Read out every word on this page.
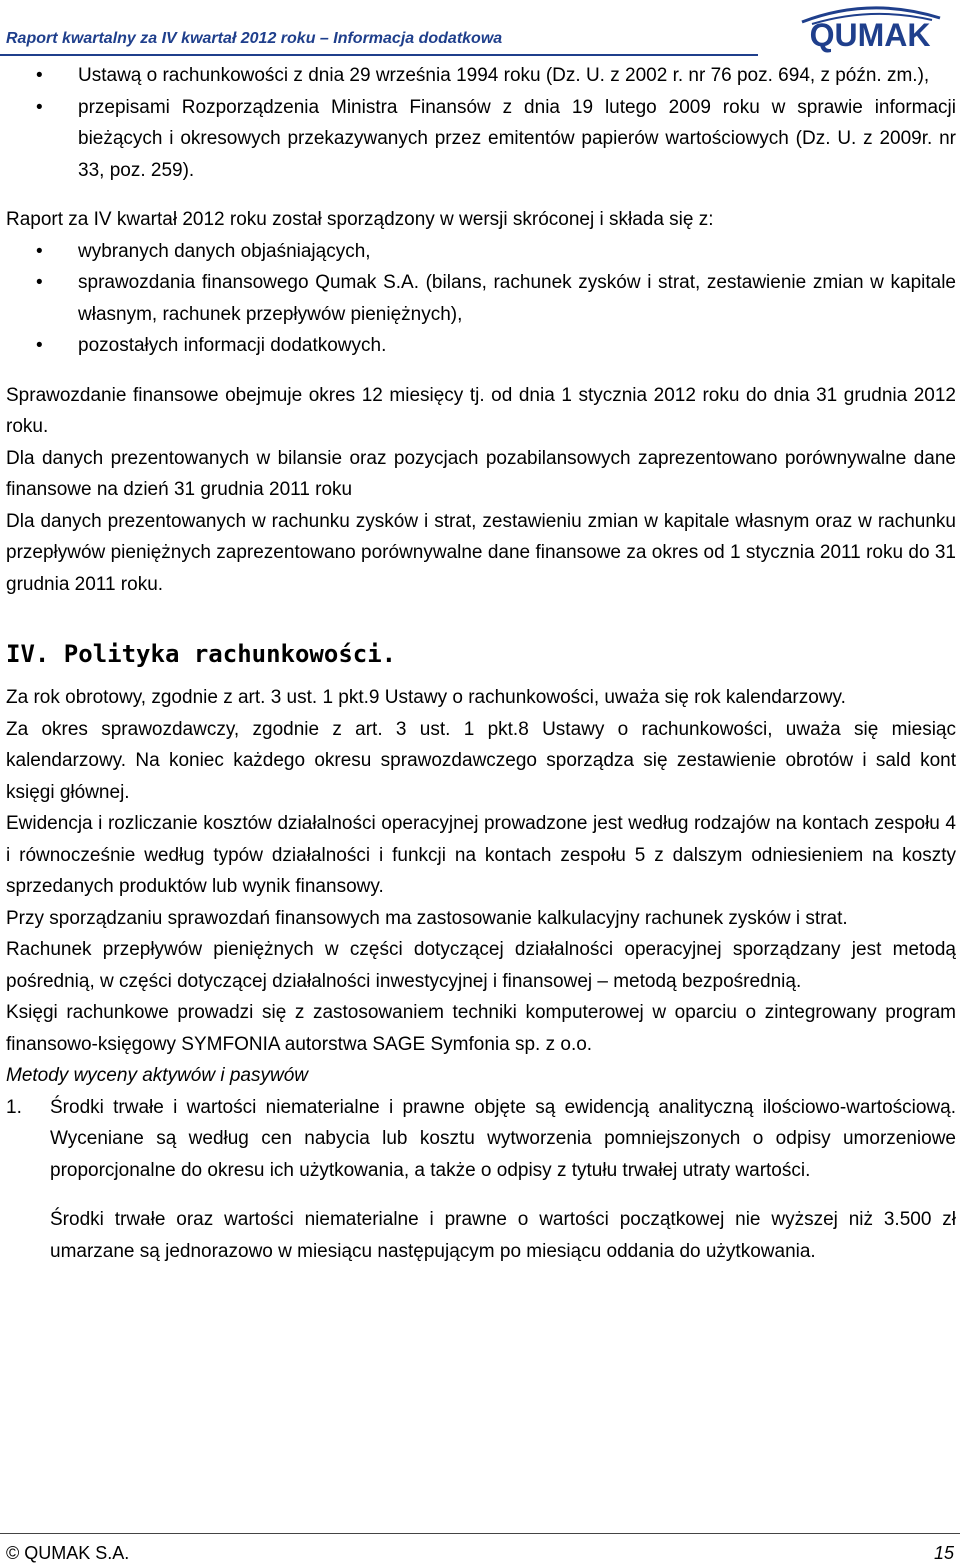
Raport kwartalny za IV kwartał 2012 roku – Informacja dodatkowa	QUMAK

• Ustawą o rachunkowości z dnia 29 września 1994 roku (Dz. U. z 2002 r. nr 76 poz. 694, z późn. zm.),

• przepisami Rozporządzenia Ministra Finansów z dnia 19 lutego 2009 roku w sprawie informacji bieżących i okresowych przekazywanych przez emitentów papierów wartościowych (Dz. U. z 2009r. nr 33, poz. 259).

Raport za IV kwartał 2012 roku został sporządzony w wersji skróconej i składa się z:

• wybranych danych objaśniających,

• sprawozdania finansowego Qumak S.A. (bilans, rachunek zysków i strat, zestawienie zmian w kapitale własnym, rachunek przepływów pieniężnych),

• pozostałych informacji dodatkowych.

Sprawozdanie finansowe obejmuje okres 12 miesięcy tj. od dnia 1 stycznia 2012 roku do dnia 31 grudnia 2012 roku.

Dla danych prezentowanych w bilansie oraz pozycjach pozabilansowych zaprezentowano porównywalne dane finansowe na dzień 31 grudnia 2011 roku

Dla danych prezentowanych w rachunku zysków i strat, zestawieniu zmian w kapitale własnym oraz w rachunku przepływów pieniężnych zaprezentowano porównywalne dane finansowe za okres od 1 stycznia 2011 roku do 31 grudnia 2011 roku.

IV. Polityka rachunkowości.

Za rok obrotowy, zgodnie z art. 3 ust. 1 pkt.9 Ustawy o rachunkowości, uważa się rok kalendarzowy.

Za okres sprawozdawczy, zgodnie z art. 3 ust. 1 pkt.8 Ustawy o rachunkowości, uważa się miesiąc kalendarzowy. Na koniec każdego okresu sprawozdawczego sporządza się zestawienie obrotów i sald kont księgi głównej.

Ewidencja i rozliczanie kosztów działalności operacyjnej prowadzone jest według rodzajów na kontach zespołu 4 i równocześnie według typów działalności i funkcji na kontach zespołu 5 z dalszym odniesieniem na koszty sprzedanych produktów lub wynik finansowy.

Przy sporządzaniu sprawozdań finansowych ma zastosowanie kalkulacyjny rachunek zysków i strat.

Rachunek przepływów pieniężnych w części dotyczącej działalności operacyjnej sporządzany jest metodą pośrednią, w części dotyczącej działalności inwestycyjnej i finansowej – metodą bezpośrednią.

Księgi rachunkowe prowadzi się z zastosowaniem techniki komputerowej w oparciu o zintegrowany program finansowo-księgowy SYMFONIA autorstwa SAGE Symfonia sp. z o.o.

Metody wyceny aktywów i pasywów

1. Środki trwałe i wartości niematerialne i prawne objęte są ewidencją analityczną ilościowo-wartościową. Wyceniane są według cen nabycia lub kosztu wytworzenia pomniejszonych o odpisy umorzeniowe proporcjonalne do okresu ich użytkowania, a także o odpisy z tytułu trwałej utraty wartości.

Środki trwałe oraz wartości niematerialne i prawne o wartości początkowej nie wyższej niż 3.500 zł umarzane są jednorazowo w miesiącu następującym po miesiącu oddania do użytkowania.

© QUMAK S.A.	15
